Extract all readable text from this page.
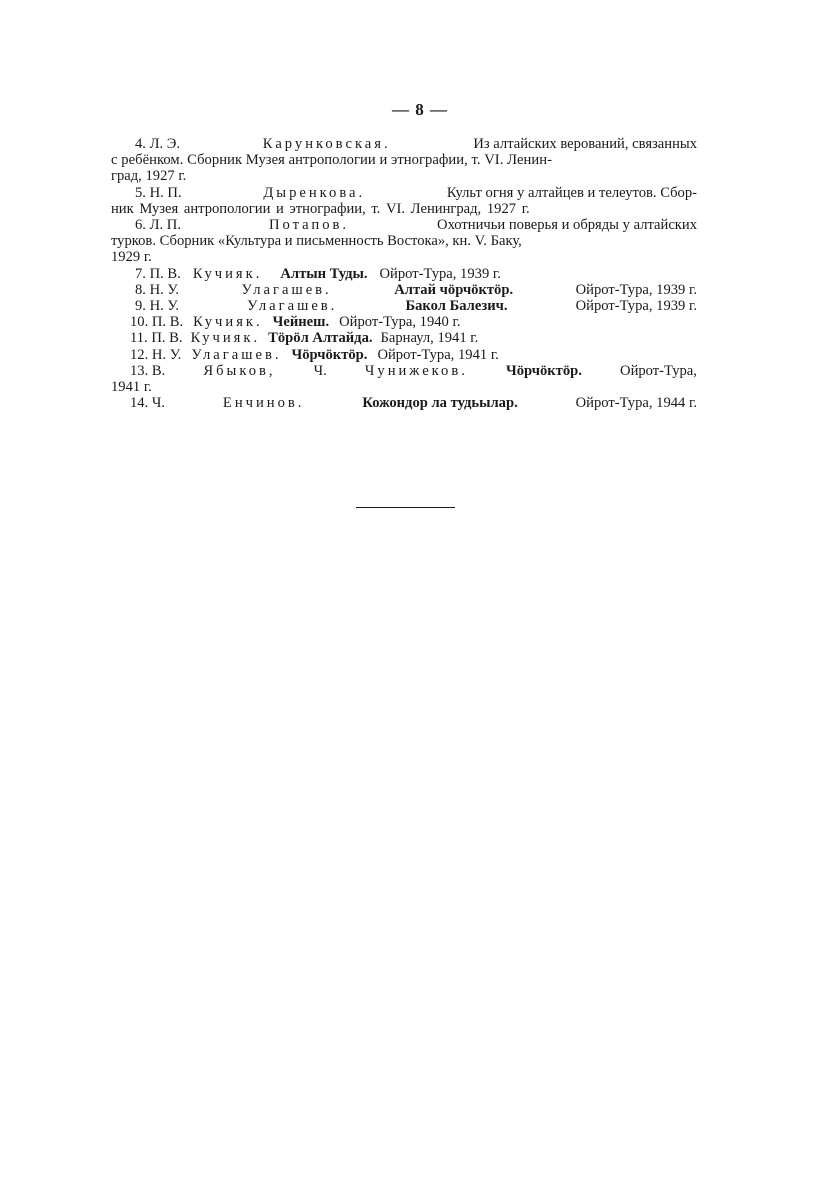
— 8 —
4. Л. Э.	Карунковская.	Из алтайских верований, связанных
с ребёнком. Сборник Музея антропологии и этнографии, т. VI. Ленин-
град, 1927 г.
5. Н. П.	Дыренкова.	Культ огня у алтайцев и телеутов. Сбор-
ник Музея антропологии и этнографии, т. VI. Ленинград, 1927 г.
6. Л. П.	Потапов.	Охотничьи поверья и обряды у алтайских
турков. Сборник «Культура и письменность Востока», кн. V. Баку,
1929 г.
7. П. В. Кучияк. Алтын Туды. Ойрот-Тура, 1939 г.
8. Н. У.	Улагашев.	Алтай чӧрчӧктӧр.	Ойрот-Тура, 1939 г.
9. Н. У.	Улагашев.	Бакол Балезич.	Ойрот-Тура, 1939 г.
10. П. В. Кучияк. Чейнеш. Ойрот-Тура, 1940 г.
11. П. В. Кучияк. Тӧрӧл Алтайда. Барнаул, 1941 г.
12. Н. У. Улагашев. Чӧрчӧктӧр. Ойрот-Тура, 1941 г.
13. В.	Ябыков,	Ч.	Чунижеков.	Чӧрчӧктӧр.	Ойрот-Тура,
1941 г.
14. Ч.	Енчинов.	Кожондор ла тудьылар.	Ойрот-Тура, 1944 г.
